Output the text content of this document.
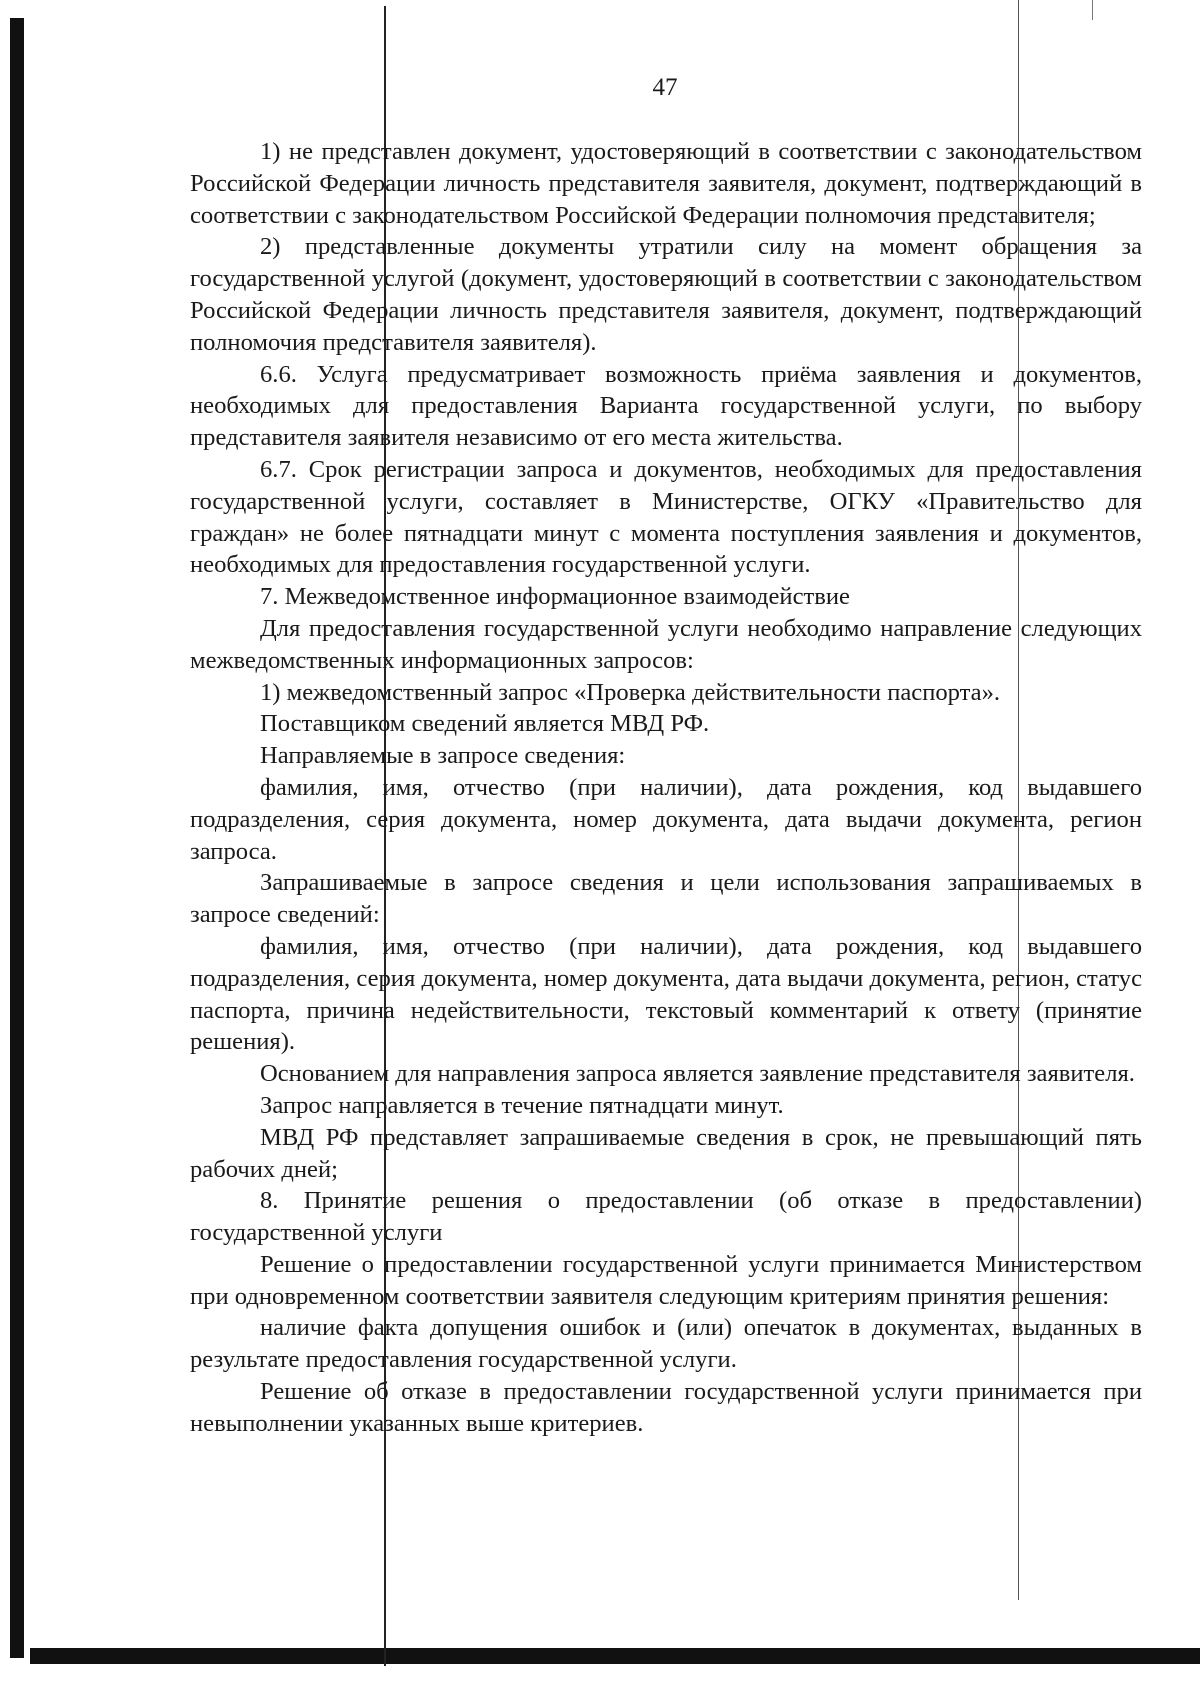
47

1) не представлен документ, удостоверяющий в соответствии с законодательством Российской Федерации личность представителя заявителя, документ, подтверждающий в соответствии с законодательством Российской Федерации полномочия представителя;

2) представленные документы утратили силу на момент обращения за государственной услугой (документ, удостоверяющий в соответствии с законодательством Российской Федерации личность представителя заявителя, документ, подтверждающий полномочия представителя заявителя).

6.6. Услуга предусматривает возможность приёма заявления и документов, необходимых для предоставления Варианта государственной услуги, по выбору представителя заявителя независимо от его места жительства.

6.7. Срок регистрации запроса и документов, необходимых для предоставления государственной услуги, составляет в Министерстве, ОГКУ «Правительство для граждан» не более пятнадцати минут с момента поступления заявления и документов, необходимых для предоставления государственной услуги.

7. Межведомственное информационное взаимодействие

Для предоставления государственной услуги необходимо направление следующих межведомственных информационных запросов:

1) межведомственный запрос «Проверка действительности паспорта».

Поставщиком сведений является МВД РФ.

Направляемые в запросе сведения:

фамилия, имя, отчество (при наличии), дата рождения, код выдавшего подразделения, серия документа, номер документа, дата выдачи документа, регион запроса.

Запрашиваемые в запросе сведения и цели использования запрашиваемых в запросе сведений:

фамилия, имя, отчество (при наличии), дата рождения, код выдавшего подразделения, серия документа, номер документа, дата выдачи документа, регион, статус паспорта, причина недействительности, текстовый комментарий к ответу (принятие решения).

Основанием для направления запроса является заявление представителя заявителя.

Запрос направляется в течение пятнадцати минут.

МВД РФ представляет запрашиваемые сведения в срок, не превышающий пять рабочих дней;

8. Принятие решения о предоставлении (об отказе в предоставлении) государственной услуги

Решение о предоставлении государственной услуги принимается Министерством при одновременном соответствии заявителя следующим критериям принятия решения:

наличие факта допущения ошибок и (или) опечаток в документах, выданных в результате предоставления государственной услуги.

Решение об отказе в предоставлении государственной услуги принимается при невыполнении указанных выше критериев.
